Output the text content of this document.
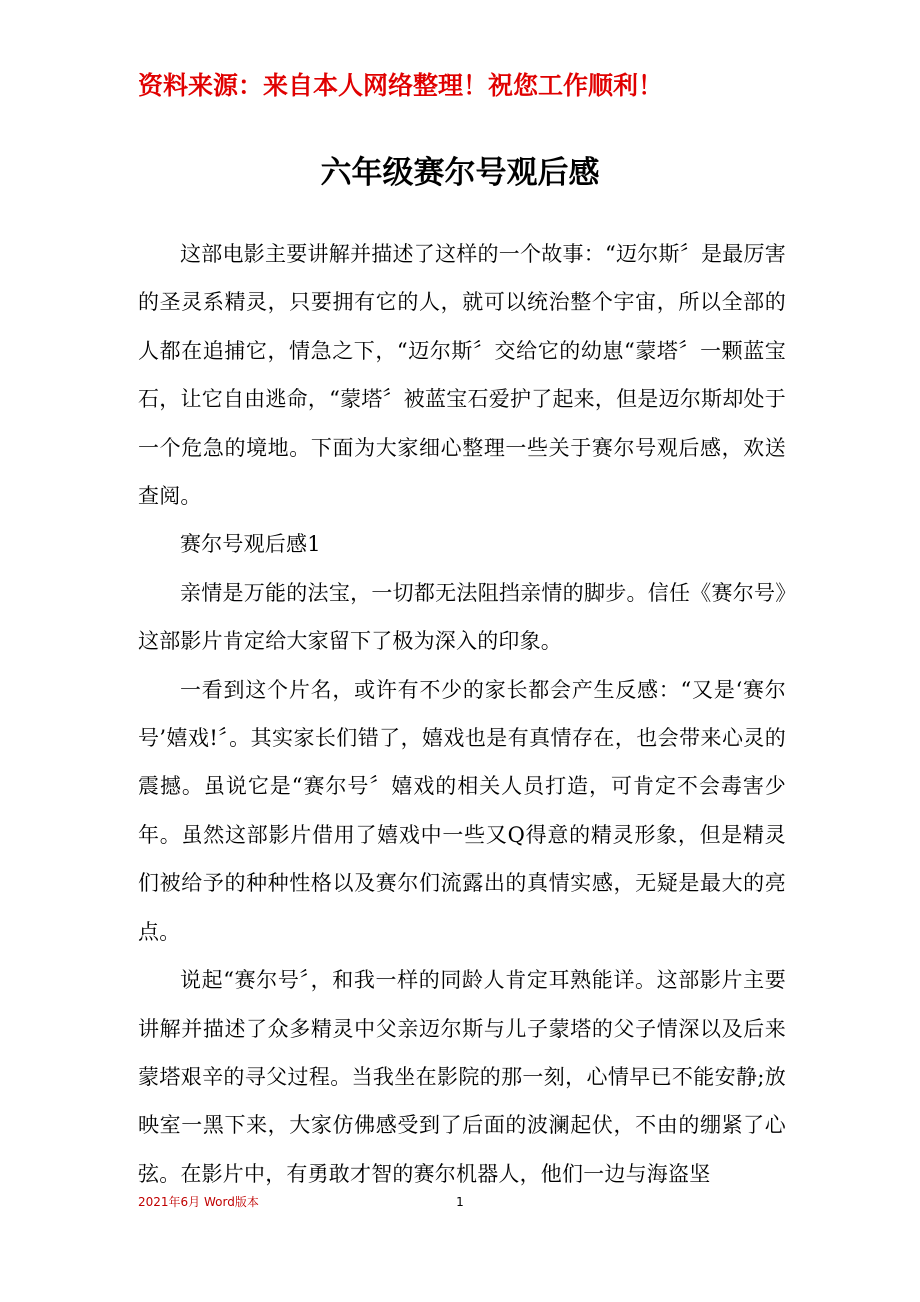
资料来源：来自本人网络整理！祝您工作顺利！
六年级赛尔号观后感

这部电影主要讲解并描述了这样的一个故事：“迈尔斯〞是最厉害的圣灵系精灵，只要拥有它的人，就可以统治整个宇宙，所以全部的人都在追捕它，情急之下，“迈尔斯〞交给它的幼崽“蒙塔〞一颗蓝宝石，让它自由逃命，“蒙塔〞被蓝宝石爱护了起来，但是迈尔斯却处于一个危急的境地。下面为大家细心整理一些关于赛尔号观后感，欢送查阅。

赛尔号观后感1

亲情是万能的法宝，一切都无法阻挡亲情的脚步。信任《赛尔号》这部影片肯定给大家留下了极为深入的印象。

一看到这个片名，或许有不少的家长都会产生反感：“又是‘赛尔号’嬉戏!〞。其实家长们错了，嬉戏也是有真情存在，也会带来心灵的震撼。虽说它是“赛尔号〞嬉戏的相关人员打造，可肯定不会毒害少年。虽然这部影片借用了嬉戏中一些又Q得意的精灵形象，但是精灵们被给予的种种性格以及赛尔们流露出的真情实感，无疑是最大的亮点。

说起“赛尔号〞，和我一样的同龄人肯定耳熟能详。这部影片主要讲解并描述了众多精灵中父亲迈尔斯与儿子蒙塔的父子情深以及后来蒙塔艰辛的寻父过程。当我坐在影院的那一刻，心情早已不能安静;放映室一黑下来，大家仿佛感受到了后面的波澜起伏，不由的绷紧了心弦。在影片中，有勇敢才智的赛尔机器人，他们一边与海盗坚

2021年6月 Word版本	1
